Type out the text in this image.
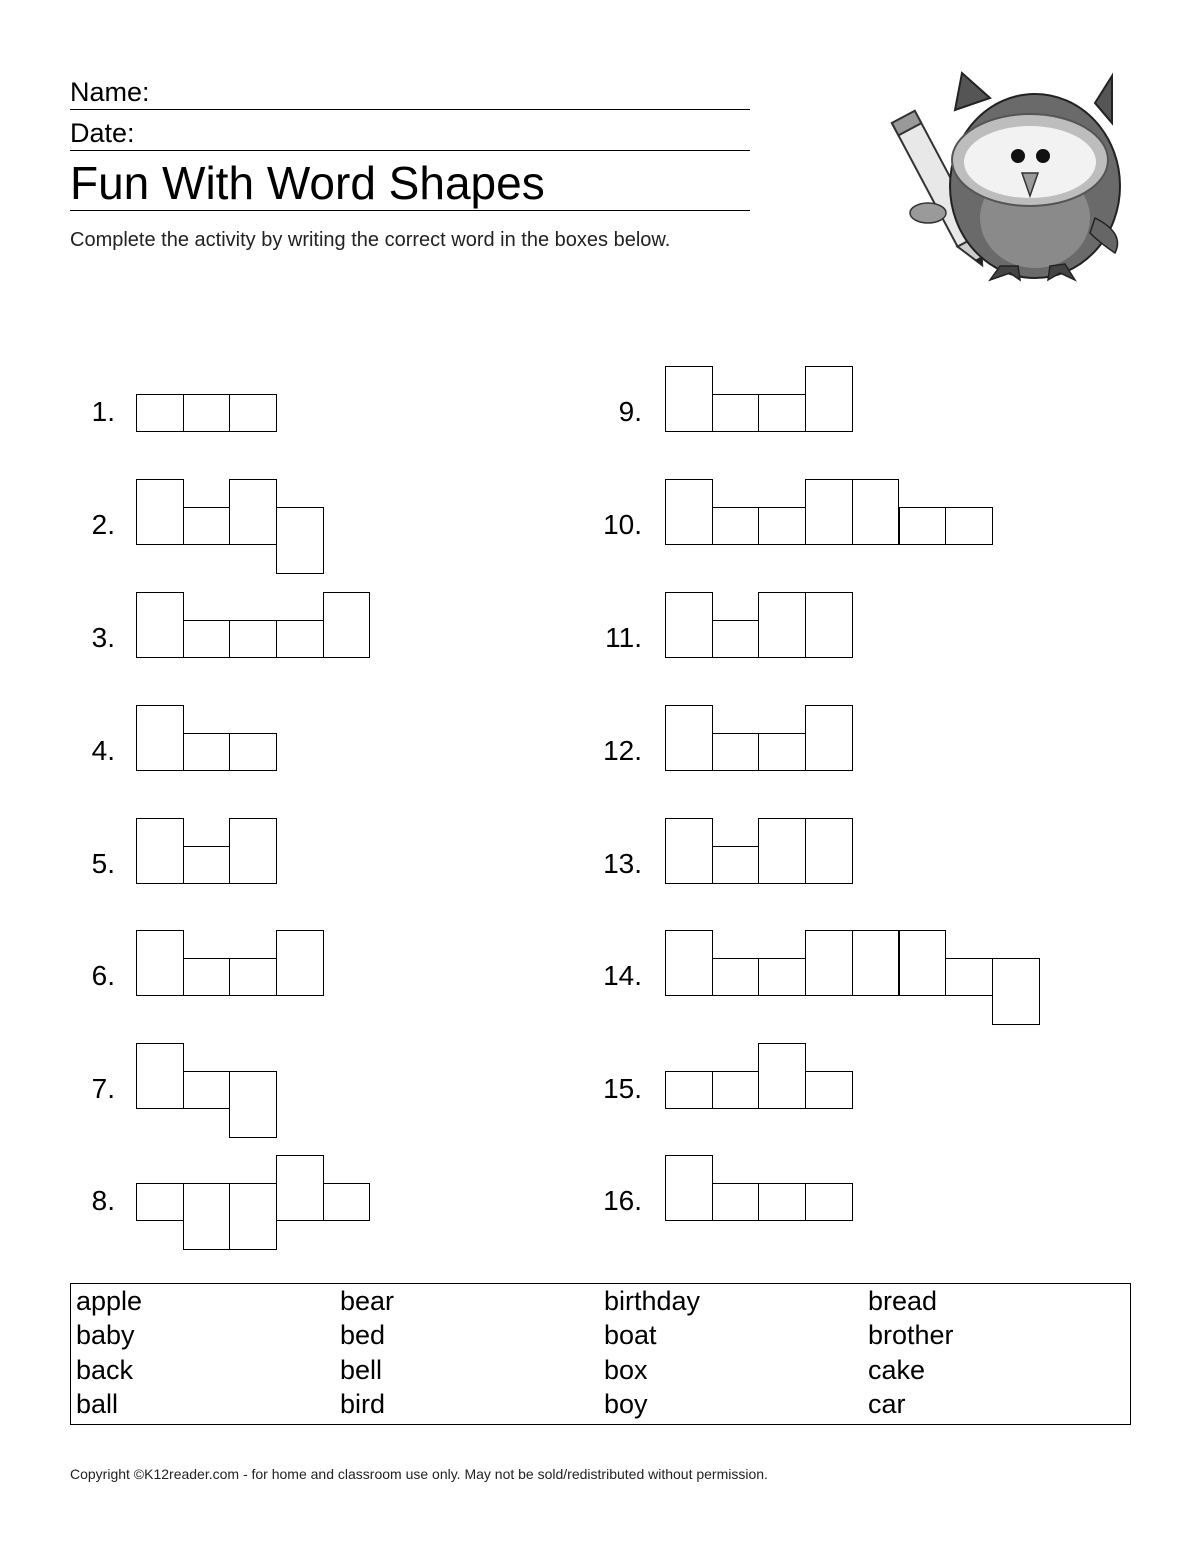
Name:
Date:
Fun With Word Shapes
Complete the activity by writing the correct word in the boxes below.
1.
2.
3.
4.
5.
6.
7.
8.
9.
10.
11.
12.
13.
14.
15.
16.
apple
baby
back
ball
bear
bed
bell
bird
birthday
boat
box
boy
bread
brother
cake
car
Copyright ©K12reader.com - for home and classroom use only. May not be sold/redistributed without permission.
